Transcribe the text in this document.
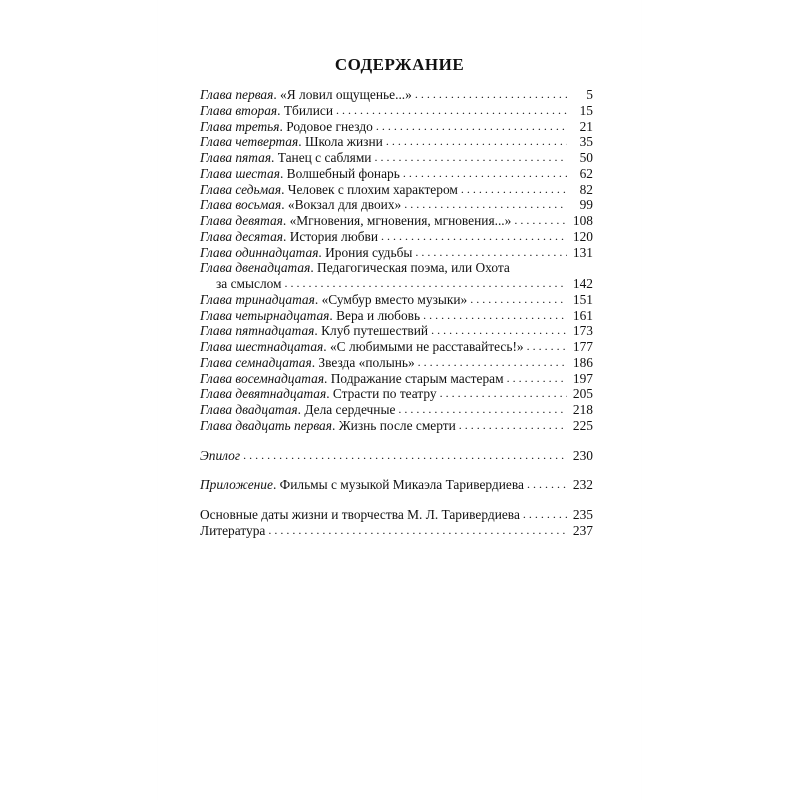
СОДЕРЖАНИЕ
Глава первая. «Я ловил ощущенье...» . . .	5
Глава вторая. Тбилиси . . .	15
Глава третья. Родовое гнездо . . .	21
Глава четвертая. Школа жизни . . .	35
Глава пятая. Танец с саблями . . .	50
Глава шестая. Волшебный фонарь . . .	62
Глава седьмая. Человек с плохим характером . . .	82
Глава восьмая. «Вокзал для двоих» . . .	99
Глава девятая. «Мгновения, мгновения, мгновения...» . . .	108
Глава десятая. История любви . . .	120
Глава одиннадцатая. Ирония судьбы . . .	131
Глава двенадцатая. Педагогическая поэма, или Охота
за смыслом . . .	142
Глава тринадцатая. «Сумбур вместо музыки» . . .	151
Глава четырнадцатая. Вера и любовь . . .	161
Глава пятнадцатая. Клуб путешествий . . .	173
Глава шестнадцатая. «С любимыми не расставайтесь!» . . .	177
Глава семнадцатая. Звезда «полынь» . . .	186
Глава восемнадцатая. Подражание старым мастерам . . .	197
Глава девятнадцатая. Страсти по театру . . .	205
Глава двадцатая. Дела сердечные . . .	218
Глава двадцать первая. Жизнь после смерти . . .	225
Эпилог . . .	230
Приложение. Фильмы с музыкой Микаэла Таривердиева . . .	232
Основные даты жизни и творчества М. Л. Таривердиева . . .	235
Литература . . .	237
